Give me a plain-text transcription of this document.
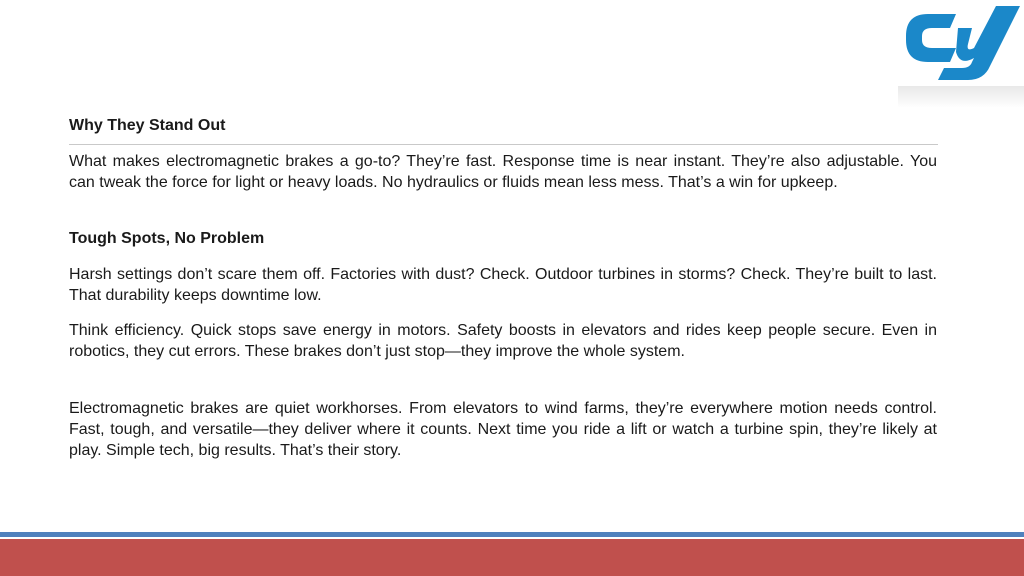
Why They Stand Out

What makes electromagnetic brakes a go-to? They’re fast. Response time is near instant. They’re also adjustable. You can tweak the force for light or heavy loads. No hydraulics or fluids mean less mess. That’s a win for upkeep.

Tough Spots, No Problem

Harsh settings don’t scare them off. Factories with dust? Check. Outdoor turbines in storms? Check. They’re built to last. That durability keeps downtime low.

Think efficiency. Quick stops save energy in motors. Safety boosts in elevators and rides keep people secure. Even in robotics, they cut errors. These brakes don’t just stop—they improve the whole system.

Electromagnetic brakes are quiet workhorses. From elevators to wind farms, they’re everywhere motion needs control. Fast, tough, and versatile—they deliver where it counts. Next time you ride a lift or watch a turbine spin, they’re likely at play. Simple tech, big results. That’s their story.
